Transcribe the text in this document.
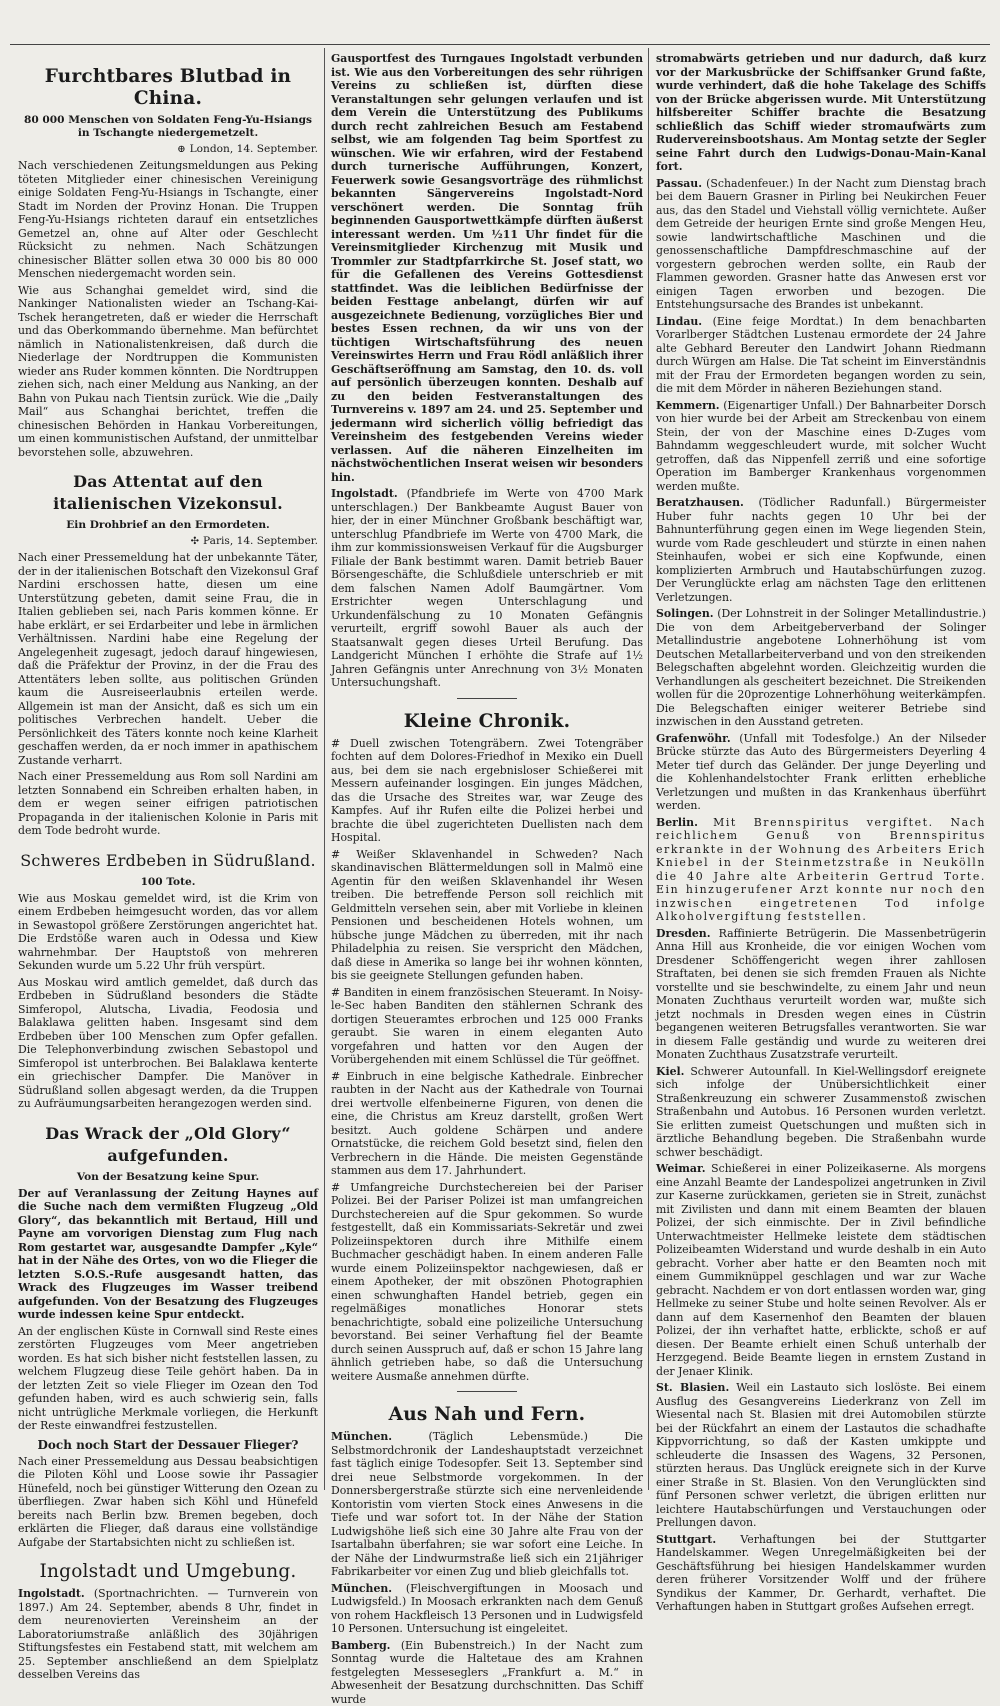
Furchtbares Blutbad in China.
80 000 Menschen von Soldaten Feng-Yu-Hsiangs in Tschangte niedergemetzelt.
⊕ London, 14. September.

Nach verschiedenen Zeitungsmeldungen aus Peking töteten Mitglieder einer chinesischen Vereinigung einige Soldaten Feng-Yu-Hsiangs in Tschangte, einer Stadt im Norden der Provinz Honan. Die Truppen Feng-Yu-Hsiangs richteten darauf ein entsetzliches Gemetzel an, ohne auf Alter oder Geschlecht Rücksicht zu nehmen. Nach Schätzungen chinesischer Blätter sollen etwa 30 000 bis 80 000 Menschen niedergemacht worden sein.

Wie aus Schanghai gemeldet wird, sind die Nankinger Nationalisten wieder an Tschang-Kai-Tschek herangetreten, daß er wieder die Herrschaft und das Oberkommando übernehme. Man befürchtet nämlich in Nationalistenkreisen, daß durch die Niederlage der Nordtruppen die Kommunisten wieder ans Ruder kommen könnten. Die Nordtruppen ziehen sich, nach einer Meldung aus Nanking, an der Bahn von Pukau nach Tientsin zurück. Wie die „Daily Mail“ aus Schanghai berichtet, treffen die chinesischen Behörden in Hankau Vorbereitungen, um einen kommunistischen Aufstand, der unmittelbar bevorstehen solle, abzuwehren.

Das Attentat auf den italienischen Vizekonsul.
Ein Drohbrief an den Ermordeten.
✣ Paris, 14. September.

Nach einer Pressemeldung hat der unbekannte Täter, der in der italienischen Botschaft den Vizekonsul Graf Nardini erschossen hatte, diesen um eine Unterstützung gebeten, damit seine Frau, die in Italien geblieben sei, nach Paris kommen könne. Er habe erklärt, er sei Erdarbeiter und lebe in ärmlichen Verhältnissen. Nardini habe eine Regelung der Angelegenheit zugesagt, jedoch darauf hingewiesen, daß die Präfektur der Provinz, in der die Frau des Attentäters leben sollte, aus politischen Gründen kaum die Ausreiseerlaubnis erteilen werde. Allgemein ist man der Ansicht, daß es sich um ein politisches Verbrechen handelt. Ueber die Persönlichkeit des Täters konnte noch keine Klarheit geschaffen werden, da er noch immer in apathischem Zustande verharrt.

Nach einer Pressemeldung aus Rom soll Nardini am letzten Sonnabend ein Schreiben erhalten haben, in dem er wegen seiner eifrigen patriotischen Propaganda in der italienischen Kolonie in Paris mit dem Tode bedroht wurde.

Schweres Erdbeben in Südrußland.
100 Tote.

Wie aus Moskau gemeldet wird, ist die Krim von einem Erdbeben heimgesucht worden, das vor allem in Sewastopol größere Zerstörungen angerichtet hat. Die Erdstöße waren auch in Odessa und Kiew wahrnehmbar. Der Hauptstoß von mehreren Sekunden wurde um 5.22 Uhr früh verspürt.

Aus Moskau wird amtlich gemeldet, daß durch das Erdbeben in Südrußland besonders die Städte Simferopol, Alutscha, Livadia, Feodosia und Balaklawa gelitten haben. Insgesamt sind dem Erdbeben über 100 Menschen zum Opfer gefallen. Die Telephonverbindung zwischen Sebastopol und Simferopol ist unterbrochen. Bei Balaklawa kenterte ein griechischer Dampfer. Die Manöver in Südrußland sollen abgesagt werden, da die Truppen zu Aufräumungsarbeiten herangezogen werden sind.

Das Wrack der „Old Glory“ aufgefunden.
Von der Besatzung keine Spur.

Der auf Veranlassung der Zeitung Haynes auf die Suche nach dem vermißten Flugzeug „Old Glory“, das bekanntlich mit Bertaud, Hill und Payne am vorvorigen Dienstag zum Flug nach Rom gestartet war, ausgesandte Dampfer „Kyle“ hat in der Nähe des Ortes, von wo die Flieger die letzten S.O.S.-Rufe ausgesandt hatten, das Wrack des Flugzeuges im Wasser treibend aufgefunden. Von der Besatzung des Flugzeuges wurde indessen keine Spur entdeckt.

An der englischen Küste in Cornwall sind Reste eines zerstörten Flugzeuges vom Meer angetrieben worden. Es hat sich bisher nicht feststellen lassen, zu welchem Flugzeug diese Teile gehört haben. Da in der letzten Zeit so viele Flieger im Ozean den Tod gefunden haben, wird es auch schwierig sein, falls nicht untrügliche Merkmale vorliegen, die Herkunft der Reste einwandfrei festzustellen.

Doch noch Start der Dessauer Flieger?

Nach einer Pressemeldung aus Dessau beabsichtigen die Piloten Köhl und Loose sowie ihr Passagier Hünefeld, noch bei günstiger Witterung den Ozean zu überfliegen. Zwar haben sich Köhl und Hünefeld bereits nach Berlin bzw. Bremen begeben, doch erklärten die Flieger, daß daraus eine vollständige Aufgabe der Startabsichten nicht zu schließen ist.

Ingolstadt und Umgebung.

Ingolstadt. (Sportnachrichten. — Turnverein von 1897.) Am 24. September, abends 8 Uhr, findet in dem neurenovierten Vereinsheim an der Laboratoriumstraße anläßlich des 30jährigen Stiftungsfestes ein Festabend statt, mit welchem am 25. September anschließend an dem Spielplatz desselben Vereins das

Gausportfest des Turngaues Ingolstadt verbunden ist. Wie aus den Vorbereitungen des sehr rührigen Vereins zu schließen ist, dürften diese Veranstaltungen sehr gelungen verlaufen und ist dem Verein die Unterstützung des Publikums durch recht zahlreichen Besuch am Festabend selbst, wie am folgenden Tag beim Sportfest zu wünschen. Wie wir erfahren, wird der Festabend durch turnerische Aufführungen, Konzert, Feuerwerk sowie Gesangsvorträge des rühmlichst bekannten Sängervereins Ingolstadt-Nord verschönert werden. Die Sonntag früh beginnenden Gausportwettkämpfe dürften äußerst interessant werden. Um ½11 Uhr findet für die Vereinsmitglieder Kirchenzug mit Musik und Trommler zur Stadtpfarrkirche St. Josef statt, wo für die Gefallenen des Vereins Gottesdienst stattfindet. Was die leiblichen Bedürfnisse der beiden Festtage anbelangt, dürfen wir auf ausgezeichnete Bedienung, vorzügliches Bier und bestes Essen rechnen, da wir uns von der tüchtigen Wirtschaftsführung des neuen Vereinswirtes Herrn und Frau Rödl anläßlich ihrer Geschäftseröffnung am Samstag, den 10. ds. voll auf persönlich überzeugen konnten. Deshalb auf zu den beiden Festveranstaltungen des Turnvereins v. 1897 am 24. und 25. September und jedermann wird sicherlich völlig befriedigt das Vereinsheim des festgebenden Vereins wieder verlassen. Auf die näheren Einzelheiten im nächstwöchentlichen Inserat weisen wir besonders hin.

Ingolstadt. (Pfandbriefe im Werte von 4700 Mark unterschlagen.) Der Bankbeamte August Bauer von hier, der in einer Münchner Großbank beschäftigt war, unterschlug Pfandbriefe im Werte von 4700 Mark, die ihm zur kommissionsweisen Verkauf für die Augsburger Filiale der Bank bestimmt waren. Damit betrieb Bauer Börsengeschäfte, die Schlußdiele unterschrieb er mit dem falschen Namen Adolf Baumgärtner. Vom Erstrichter wegen Unterschlagung und Urkundenfälschung zu 10 Monaten Gefängnis verurteilt, ergriff sowohl Bauer als auch der Staatsanwalt gegen dieses Urteil Berufung. Das Landgericht München I erhöhte die Strafe auf 1½ Jahren Gefängnis unter Anrechnung von 3½ Monaten Untersuchungshaft.

Kleine Chronik.

# Duell zwischen Totengräbern. Zwei Totengräber fochten auf dem Dolores-Friedhof in Mexiko ein Duell aus, bei dem sie nach ergebnisloser Schießerei mit Messern aufeinander losgingen. Ein junges Mädchen, das die Ursache des Streites war, war Zeuge des Kampfes. Auf ihr Rufen eilte die Polizei herbei und brachte die übel zugerichteten Duellisten nach dem Hospital.

# Weißer Sklavenhandel in Schweden? Nach skandinavischen Blättermeldungen soll in Malmö eine Agentin für den weißen Sklavenhandel ihr Wesen treiben. Die betreffende Person soll reichlich mit Geldmitteln versehen sein, aber mit Vorliebe in kleinen Pensionen und bescheidenen Hotels wohnen, um hübsche junge Mädchen zu überreden, mit ihr nach Philadelphia zu reisen. Sie verspricht den Mädchen, daß diese in Amerika so lange bei ihr wohnen könnten, bis sie geeignete Stellungen gefunden haben.

# Banditen in einem französischen Steueramt. In Noisy-le-Sec haben Banditen den stählernen Schrank des dortigen Steueramtes erbrochen und 125 000 Franks geraubt. Sie waren in einem eleganten Auto vorgefahren und hatten vor den Augen der Vorübergehenden mit einem Schlüssel die Tür geöffnet.

# Einbruch in eine belgische Kathedrale. Einbrecher raubten in der Nacht aus der Kathedrale von Tournai drei wertvolle elfenbeinerne Figuren, von denen die eine, die Christus am Kreuz darstellt, großen Wert besitzt. Auch goldene Schärpen und andere Ornatstücke, die reichem Gold besetzt sind, fielen den Verbrechern in die Hände. Die meisten Gegenstände stammen aus dem 17. Jahrhundert.

# Umfangreiche Durchstechereien bei der Pariser Polizei. Bei der Pariser Polizei ist man umfangreichen Durchstechereien auf die Spur gekommen. So wurde festgestellt, daß ein Kommissariats-Sekretär und zwei Polizeiinspektoren durch ihre Mithilfe einem Buchmacher geschädigt haben. In einem anderen Falle wurde einem Polizeiinspektor nachgewiesen, daß er einem Apotheker, der mit obszönen Photographien einen schwunghaften Handel betrieb, gegen ein regelmäßiges monatliches Honorar stets benachrichtigte, sobald eine polizeiliche Untersuchung bevorstand. Bei seiner Verhaftung fiel der Beamte durch seinen Ausspruch auf, daß er schon 15 Jahre lang ähnlich getrieben habe, so daß die Untersuchung weitere Ausmaße annehmen dürfte.

Aus Nah und Fern.

München.	(Täglich Lebensmüde.) Die Selbstmordchronik der Landeshauptstadt verzeichnet fast täglich einige Todesopfer. Seit 13. September sind drei neue Selbstmorde vorgekommen. In der Donnersbergerstraße stürzte sich eine nervenleidende Kontoristin vom vierten Stock eines Anwesens in die Tiefe und war sofort tot. In der Nähe der Station Ludwigshöhe ließ sich eine 30 Jahre alte Frau von der Isartalbahn überfahren; sie war sofort eine Leiche. In der Nähe der Lindwurmstraße ließ sich ein 21jähriger Fabrikarbeiter vor einen Zug und blieb gleichfalls tot.

München. (Fleischvergiftungen in Moosach und Ludwigsfeld.) In Moosach erkrankten nach dem Genuß von rohem Hackfleisch 13 Personen und in Ludwigsfeld 10 Personen. Untersuchung ist eingeleitet.

Bamberg. (Ein Bubenstreich.) In der Nacht zum Sonntag wurde die Haltetaue des am Krahnen festgelegten Messeseglers „Frankfurt a. M.“ in Abwesenheit der Besatzung durchschnitten. Das Schiff wurde

stromabwärts getrieben und nur dadurch, daß kurz vor der Markusbrücke der Schiffsanker Grund faßte, wurde verhindert, daß die hohe Takelage des Schiffs von der Brücke abgerissen wurde. Mit Unterstützung hilfsbereiter Schiffer brachte die Besatzung schließlich das Schiff wieder stromaufwärts zum Rudervereinsbootshaus. Am Montag setzte der Segler seine Fahrt durch den Ludwigs-Donau-Main-Kanal fort.

Passau. (Schadenfeuer.) In der Nacht zum Dienstag brach bei dem Bauern Grasner in Pirling bei Neukirchen Feuer aus, das den Stadel und Viehstall völlig vernichtete. Außer dem Getreide der heurigen Ernte sind große Mengen Heu, sowie landwirtschaftliche Maschinen und die genossenschaftliche Dampfdreschmaschine auf der vorgestern gebrochen werden sollte, ein Raub der Flammen geworden. Grasner hatte das Anwesen erst vor einigen Tagen erworben und bezogen. Die Entstehungsursache des Brandes ist unbekannt.

Lindau. (Eine feige Mordtat.) In dem benachbarten Vorarlberger Städtchen Lustenau ermordete der 24 Jahre alte Gebhard Bereuter den Landwirt Johann Riedmann durch Würgen am Halse. Die Tat scheint im Einverständnis mit der Frau der Ermordeten begangen worden zu sein, die mit dem Mörder in näheren Beziehungen stand.

Kemmern. (Eigenartiger Unfall.) Der Bahnarbeiter Dorsch von hier wurde bei der Arbeit am Streckenbau von einem Stein, der von der Maschine eines D-Zuges vom Bahndamm weggeschleudert wurde, mit solcher Wucht getroffen, daß das Nippenfell zerriß und eine sofortige Operation im Bamberger Krankenhaus vorgenommen werden mußte.

Beratzhausen. (Tödlicher Radunfall.) Bürgermeister Huber fuhr nachts gegen 10 Uhr bei der Bahnunterführung gegen einen im Wege liegenden Stein, wurde vom Rade geschleudert und stürzte in einen nahen Steinhaufen, wobei er sich eine Kopfwunde, einen komplizierten Armbruch und Hautabschürfungen zuzog. Der Verunglückte erlag am nächsten Tage den erlittenen Verletzungen.

Solingen. (Der Lohnstreit in der Solinger Metallindustrie.) Die von dem Arbeitgeberverband der Solinger Metallindustrie angebotene Lohnerhöhung ist vom Deutschen Metallarbeiterverband und von den streikenden Belegschaften abgelehnt worden. Gleichzeitig wurden die Verhandlungen als gescheitert bezeichnet. Die Streikenden wollen für die 20prozentige Lohnerhöhung weiterkämpfen. Die Belegschaften einiger weiterer Betriebe sind inzwischen in den Ausstand getreten.

Grafenwöhr. (Unfall mit Todesfolge.) An der Nilseder Brücke stürzte das Auto des Bürgermeisters Deyerling 4 Meter tief durch das Geländer. Der junge Deyerling und die Kohlenhandelstochter Frank erlitten erhebliche Verletzungen und mußten in das Krankenhaus überführt werden.

Berlin. Mit Brennspiritus vergiftet. Nach reichlichem Genuß von Brennspiritus erkrankte in der Wohnung des Arbeiters Erich Kniebel in der Steinmetzstraße in Neukölln die 40 Jahre alte Arbeiterin Gertrud Torte. Ein hinzugerufener Arzt konnte nur noch den inzwischen eingetretenen Tod infolge Alkoholvergiftung feststellen.

Dresden. Raffinierte Betrügerin. Die Massenbetrügerin Anna Hill aus Kronheide, die vor einigen Wochen vom Dresdener Schöffengericht wegen ihrer zahllosen Straftaten, bei denen sie sich fremden Frauen als Nichte vorstellte und sie beschwindelte, zu einem Jahr und neun Monaten Zuchthaus verurteilt worden war, mußte sich jetzt nochmals in Dresden wegen eines in Cüstrin begangenen weiteren Betrugsfalles verantworten. Sie war in diesem Falle geständig und wurde zu weiteren drei Monaten Zuchthaus Zusatzstrafe verurteilt.

Kiel. Schwerer Autounfall. In Kiel-Wellingsdorf ereignete sich infolge der Unübersichtlichkeit einer Straßenkreuzung ein schwerer Zusammenstoß zwischen Straßenbahn und Autobus. 16 Personen wurden verletzt. Sie erlitten zumeist Quetschungen und mußten sich in ärztliche Behandlung begeben. Die Straßenbahn wurde schwer beschädigt.

Weimar. Schießerei in einer Polizeikaserne. Als morgens eine Anzahl Beamte der Landespolizei angetrunken in Zivil zur Kaserne zurückkamen, gerieten sie in Streit, zunächst mit Zivilisten und dann mit einem Beamten der blauen Polizei, der sich einmischte. Der in Zivil befindliche Unterwachtmeister Hellmeke leistete dem städtischen Polizeibeamten Widerstand und wurde deshalb in ein Auto gebracht. Vorher aber hatte er den Beamten noch mit einem Gummiknüppel geschlagen und war zur Wache gebracht. Nachdem er von dort entlassen worden war, ging Hellmeke zu seiner Stube und holte seinen Revolver. Als er dann auf dem Kasernenhof den Beamten der blauen Polizei, der ihn verhaftet hatte, erblickte, schoß er auf diesen. Der Beamte erhielt einen Schuß unterhalb der Herzgegend. Beide Beamte liegen in ernstem Zustand in der Jenaer Klinik.

St. Blasien. Weil ein Lastauto sich loslöste. Bei einem Ausflug des Gesangvereins Liederkranz von Zell im Wiesental nach St. Blasien mit drei Automobilen stürzte bei der Rückfahrt an einem der Lastautos die schadhafte Kippvorrichtung, so daß der Kasten umkippte und schleuderte die Insassen des Wagens, 32 Personen, stürzten heraus. Das Unglück ereignete sich in der Kurve einer Straße in St. Blasien. Von den Verunglückten sind fünf Personen schwer verletzt, die übrigen erlitten nur leichtere Hautabschürfungen und Verstauchungen oder Prellungen davon.

Stuttgart. Verhaftungen bei der Stuttgarter Handelskammer. Wegen Unregelmäßigkeiten bei der Geschäftsführung bei hiesigen Handelskammer wurden deren früherer Vorsitzender Wolff und der frühere Syndikus der Kammer, Dr. Gerhardt, verhaftet. Die Verhaftungen haben in Stuttgart großes Aufsehen erregt.
